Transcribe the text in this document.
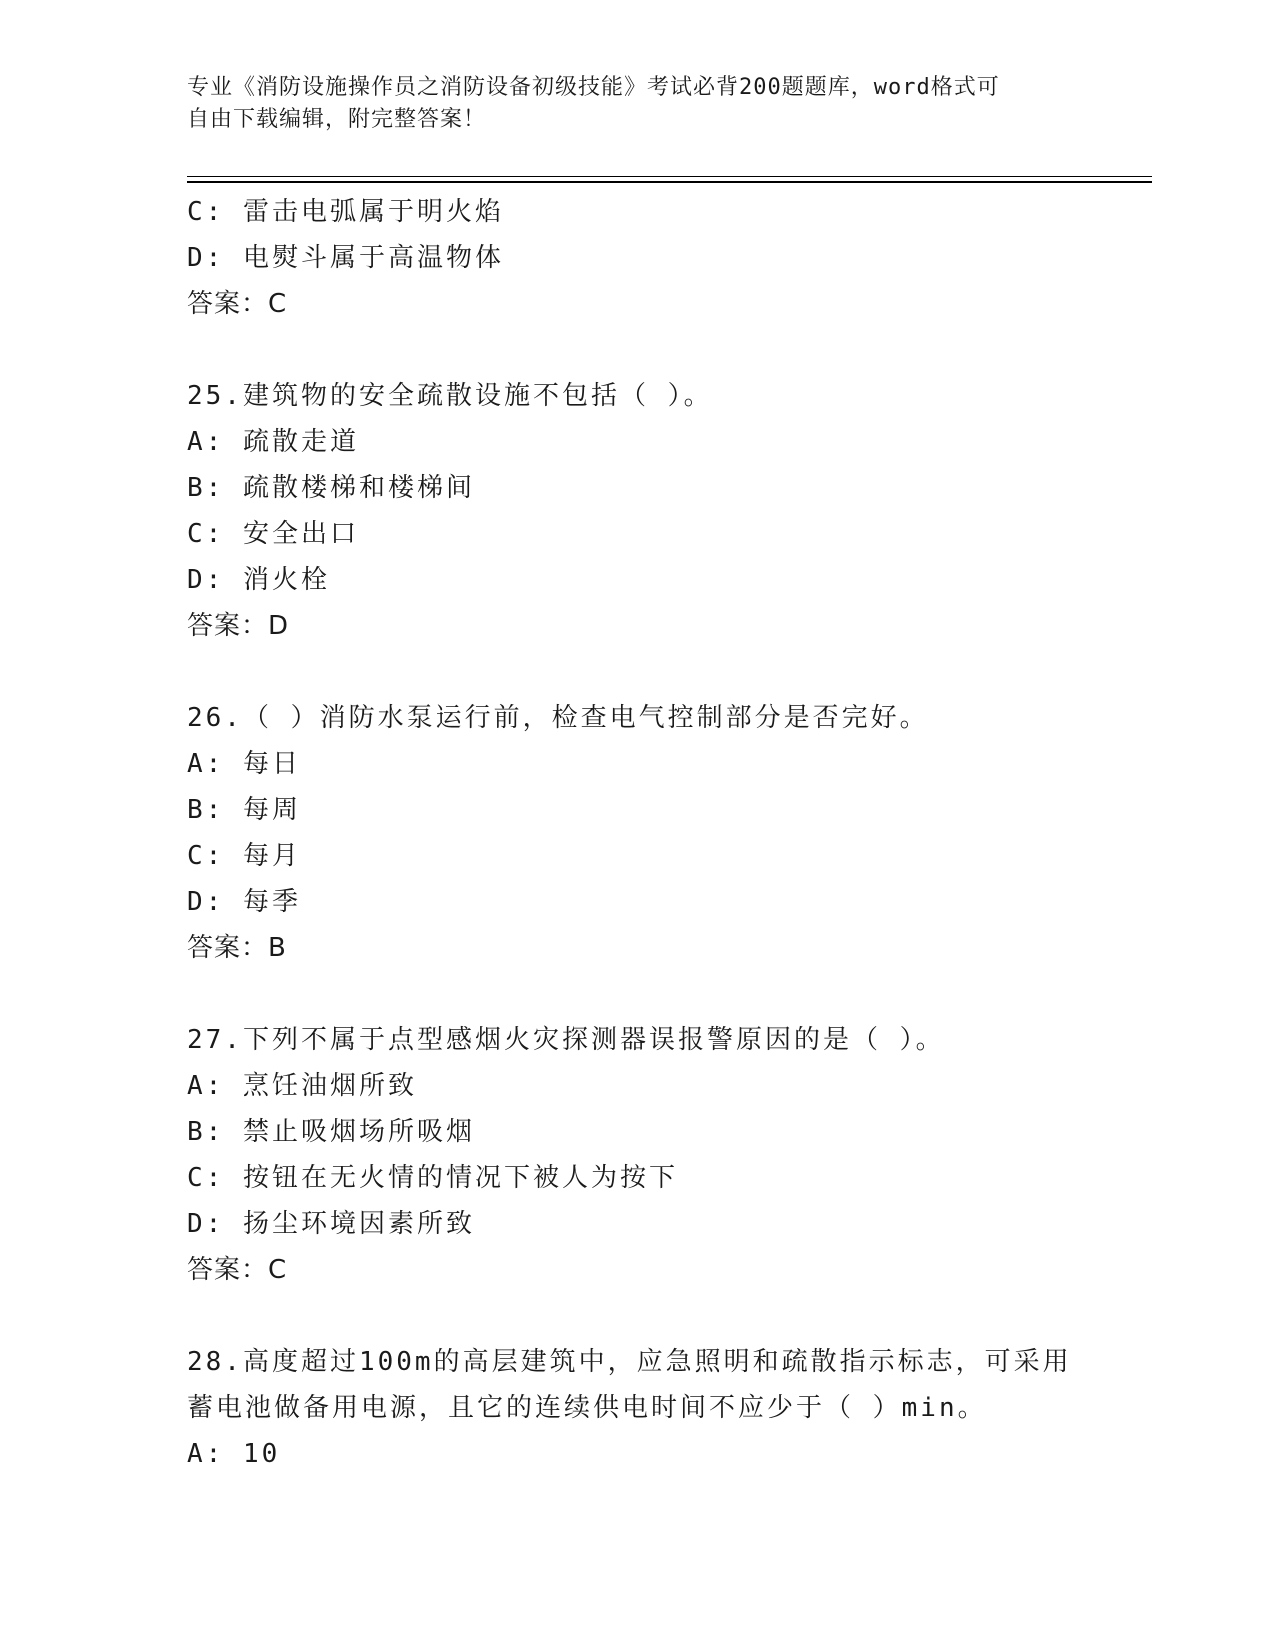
专业《消防设施操作员之消防设备初级技能》考试必背200题题库，word格式可
自由下载编辑，附完整答案！
C: 雷击电弧属于明火焰
D: 电熨斗属于高温物体
答案：C
25.建筑物的安全疏散设施不包括（ ）。
A: 疏散走道
B: 疏散楼梯和楼梯间
C: 安全出口
D: 消火栓
答案：D
26.（ ）消防水泵运行前，检查电气控制部分是否完好。
A: 每日
B: 每周
C: 每月
D: 每季
答案：B
27.下列不属于点型感烟火灾探测器误报警原因的是（ ）。
A: 烹饪油烟所致
B: 禁止吸烟场所吸烟
C: 按钮在无火情的情况下被人为按下
D: 扬尘环境因素所致
答案：C
28.高度超过100m的高层建筑中，应急照明和疏散指示标志，可采用
蓄电池做备用电源，且它的连续供电时间不应少于（ ）min。
A: 10
